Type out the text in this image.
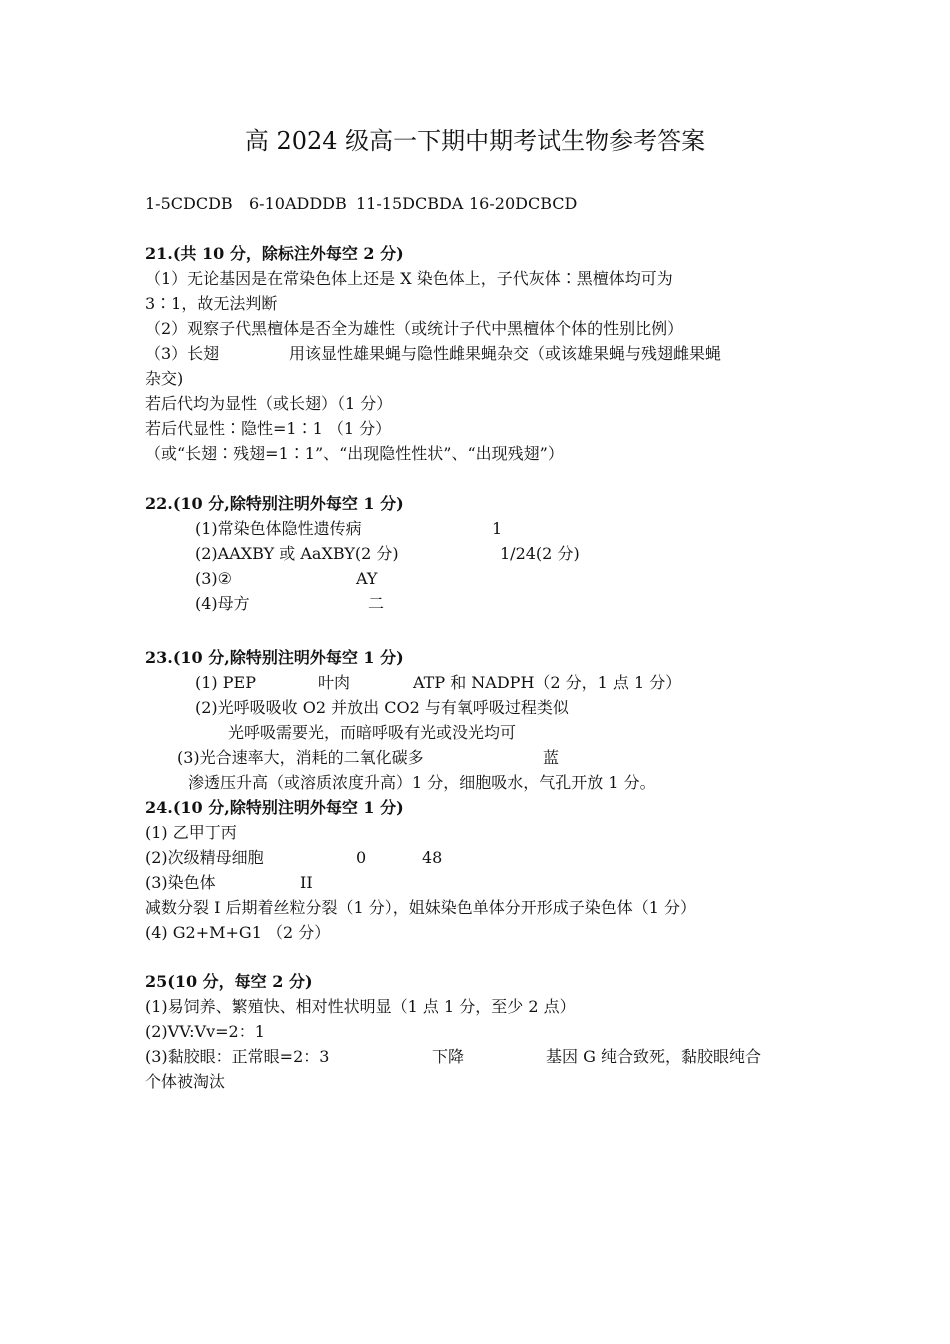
高 2024 级高一下期中期考试生物参考答案
1-5CDCDB 6-10ADDDB 11-15DCBDA 16-20DCBCD
21.(共 10 分，除标注外每空 2 分)
（1）无论基因是在常染色体上还是 X 染色体上，子代灰体∶黑檀体均可为
3∶1，故无法判断
（2）观察子代黑檀体是否全为雄性（或统计子代中黑檀体个体的性别比例）
（3）长翅	用该显性雄果蝇与隐性雌果蝇杂交（或该雄果蝇与残翅雌果蝇
杂交)
若后代均为显性（或长翅）（1 分）
若后代显性∶隐性=1∶1 （1 分）
（或“长翅∶残翅=1∶1”、“出现隐性性状”、“出现残翅”）
22.(10 分,除特别注明外每空 1 分)
(1)常染色体隐性遗传病	1
(2)AAXBY 或 AaXBY(2 分)	1/24(2 分)
(3)②	AY
(4)母方	二
23.(10 分,除特别注明外每空 1 分)
(1) PEP	叶肉	ATP 和 NADPH（2 分，1 点 1 分）
(2)光呼吸吸收 O2 并放出 CO2 与有氧呼吸过程类似
光呼吸需要光，而暗呼吸有光或没光均可
(3)光合速率大，消耗的二氧化碳多	蓝
渗透压升高（或溶质浓度升高）1 分，细胞吸水，气孔开放 1 分。
24.(10 分,除特别注明外每空 1 分)
(1) 乙甲丁丙
(2)次级精母细胞	0	48
(3)染色体	II
减数分裂 I 后期着丝粒分裂（1 分），姐妹染色单体分开形成子染色体（1 分）
(4) G2+M+G1 （2 分）
25(10 分，每空 2 分)
(1)易饲养、繁殖快、相对性状明显（1 点 1 分，至少 2 点）
(2)VV:Vv=2：1
(3)黏胶眼：正常眼=2：3	下降	基因 G 纯合致死，黏胶眼纯合
个体被淘汰
